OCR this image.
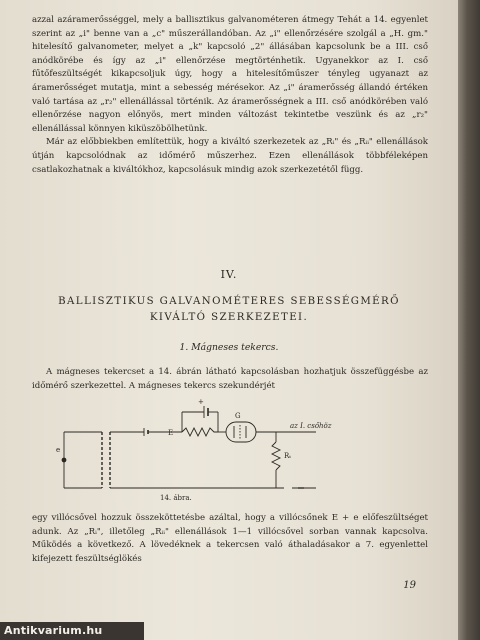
azzal azáramerősséggel, mely a ballisztikus galvanométeren átmegy Tehát a 14. egyenlet szerint az „i" benne van a „c" műszerállandóban. Az „i" ellenőrzésére szolgál a „H. gm." hitelesítő galvanometer, melyet a „k" kapcsoló „2" állásában kapcsolunk be a III. cső anódkörébe és így az „i" ellenőrzése megtörténhetik. Ugyanekkor az I. cső fűtőfeszültségét kikapcsoljuk úgy, hogy a hitelesítőműszer tényleg ugyanazt az áramerősséget mutatja, mint a sebesség mérésekor. Az „i" áramerősség állandó értéken való tartása az „r₂" ellenállással történik. Az áramerősségnek a III. cső anódkörében való ellenőrzése nagyon előnyös, mert minden változást tekintetbe veszünk és az „r₂" ellenállással könnyen kiküszöbölhetünk.

Már az előbbiekben említettük, hogy a kiváltó szerkezetek az „Rᵢ" és „Rᵢᵢ" ellenállások útján kapcsolódnak az időmérő műszerhez. Ezen ellenállások többféleképen csatlakozhatnak a kiváltókhoz, kapcsolásuk mindig azok szerkezetétől függ.

IV.
BALLISZTIKUS GALVANOMÉTERES SEBESSÉGMÉRŐ
KIVÁLTÓ SZERKEZETEI.
1. Mágneses tekercs.

A mágneses tekercset a 14. ábrán látható kapcsolásban hozhatjuk összefüggésbe az időmérő szerkezettel. A mágneses tekercs szekundérjét

e
E
+
G
Rₜ
az I. csőhöz
14. ábra.

egy villócsővel hozzuk összeköttetésbe azáltal, hogy a villócsőnek E + e előfeszültséget adunk. Az „Rᵢ", illetőleg „Rᵢᵢ" ellenállások 1—1 villócsővel sorban vannak kapcsolva. Működés a következő. A lövedéknek a tekercsen való áthaladásakor a 7. egyenlettel kifejezett feszültséglökés

19
Antikvarium.hu
